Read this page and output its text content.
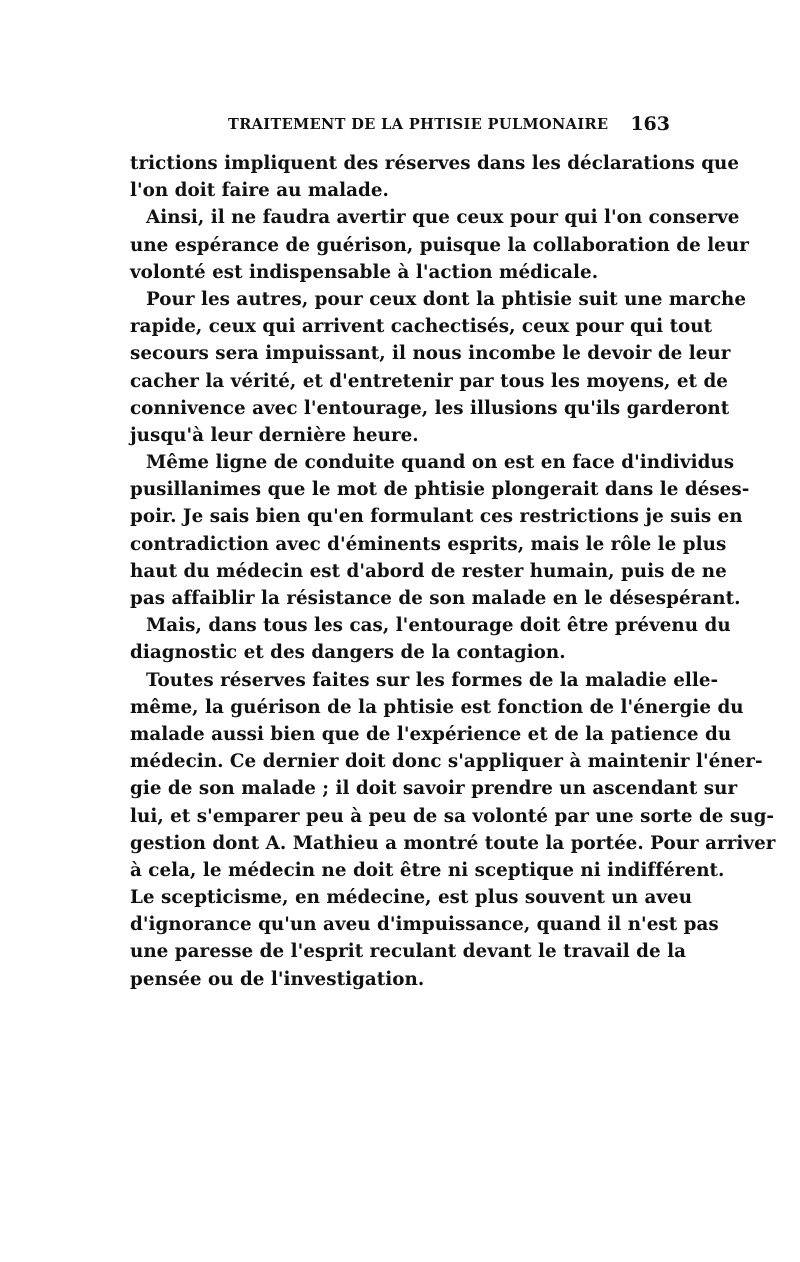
TRAITEMENT DE LA PHTISIE PULMONAIRE 163
trictions impliquent des réserves dans les déclarations que
l'on doit faire au malade.
Ainsi, il ne faudra avertir que ceux pour qui l'on conserve
une espérance de guérison, puisque la collaboration de leur
volonté est indispensable à l'action médicale.
Pour les autres, pour ceux dont la phtisie suit une marche
rapide, ceux qui arrivent cachectisés, ceux pour qui tout
secours sera impuissant, il nous incombe le devoir de leur
cacher la vérité, et d'entretenir par tous les moyens, et de
connivence avec l'entourage, les illusions qu'ils garderont
jusqu'à leur dernière heure.
Même ligne de conduite quand on est en face d'individus
pusillanimes que le mot de phtisie plongerait dans le déses-
poir. Je sais bien qu'en formulant ces restrictions je suis en
contradiction avec d'éminents esprits, mais le rôle le plus
haut du médecin est d'abord de rester humain, puis de ne
pas affaiblir la résistance de son malade en le désespérant.
Mais, dans tous les cas, l'entourage doit être prévenu du
diagnostic et des dangers de la contagion.
Toutes réserves faites sur les formes de la maladie elle-
même, la guérison de la phtisie est fonction de l'énergie du
malade aussi bien que de l'expérience et de la patience du
médecin. Ce dernier doit donc s'appliquer à maintenir l'éner-
gie de son malade ; il doit savoir prendre un ascendant sur
lui, et s'emparer peu à peu de sa volonté par une sorte de sug-
gestion dont A. Mathieu a montré toute la portée. Pour arriver
à cela, le médecin ne doit être ni sceptique ni indifférent.
Le scepticisme, en médecine, est plus souvent un aveu
d'ignorance qu'un aveu d'impuissance, quand il n'est pas
une paresse de l'esprit reculant devant le travail de la
pensée ou de l'investigation.
